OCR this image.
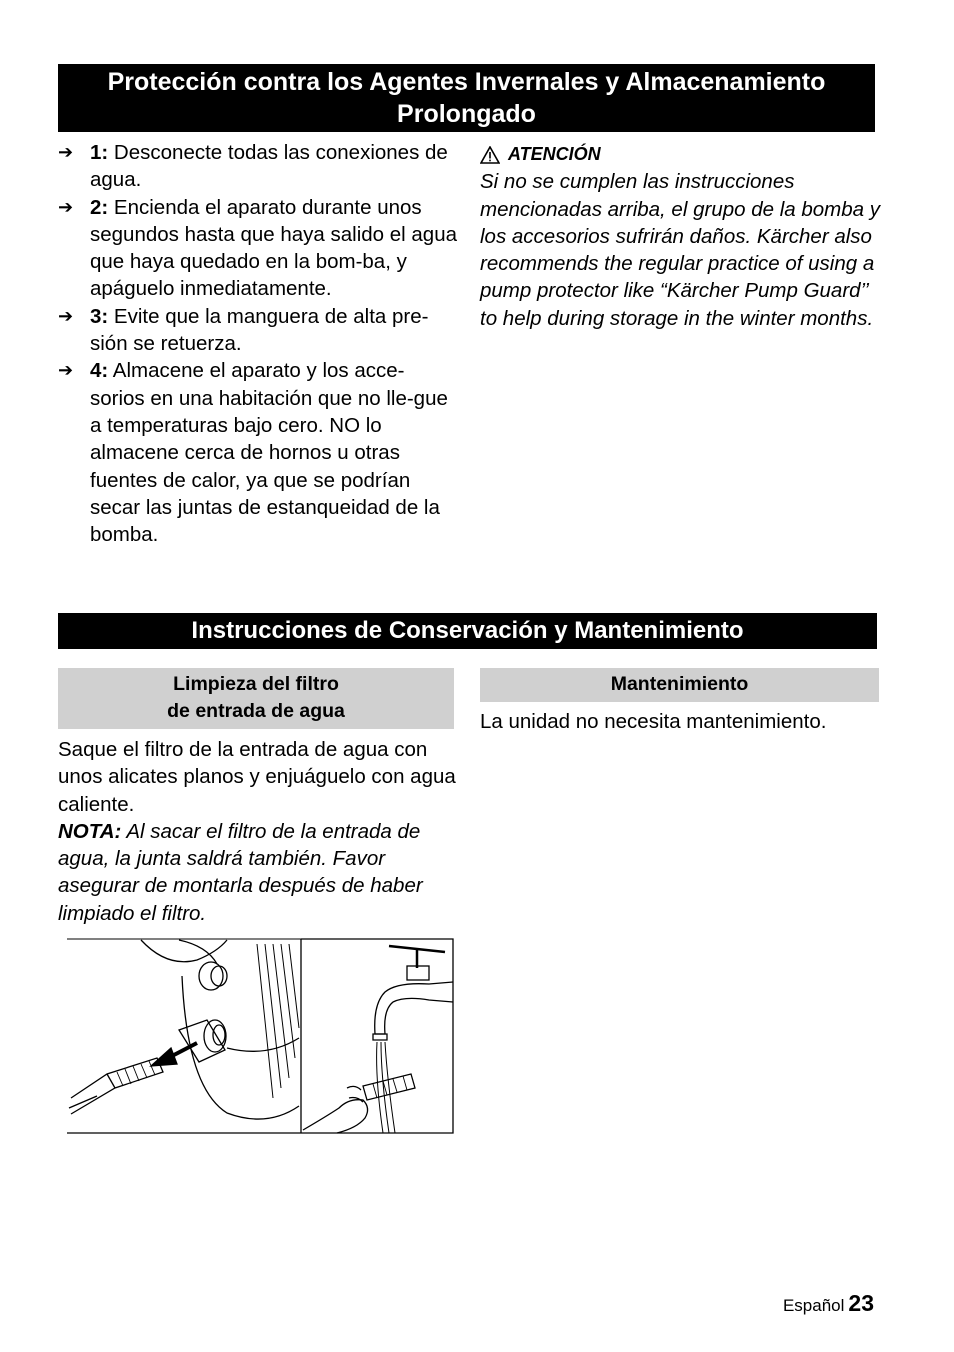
Protección contra los Agentes Invernales y Almacenamiento Prolongado
➔ 1: Desconecte todas las conexiones de agua.
➔ 2: Encienda el aparato durante unos segundos hasta que haya salido el agua que haya quedado en la bom-ba, y apáguelo inmediatamente.
➔ 3: Evite que la manguera de alta pre-sión se retuerza.
➔ 4: Almacene el aparato y los acce-sorios en una habitación que no lle-gue a temperaturas bajo cero. NO lo almacene cerca de hornos u otras fuentes de calor, ya que se podrían secar las juntas de estanqueidad de la bomba.
ATENCIÓN
Si no se cumplen las instrucciones mencionadas arriba, el grupo de la bomba y los accesorios sufrirán daños. Kärcher also recommends the regular practice of using a pump protector like “Kärcher Pump Guard’’ to help during storage in the winter months.
Instrucciones de Conservación y Mantenimiento
Limpieza del filtro
de entrada de agua
Mantenimiento
Saque el filtro de la entrada de agua con unos alicates planos y enjuáguelo con agua caliente.
NOTA: Al sacar el filtro de la entrada de agua, la junta saldrá también. Favor asegurar de montarla después de haber limpiado el filtro.
La unidad no necesita mantenimiento.
Español 23
